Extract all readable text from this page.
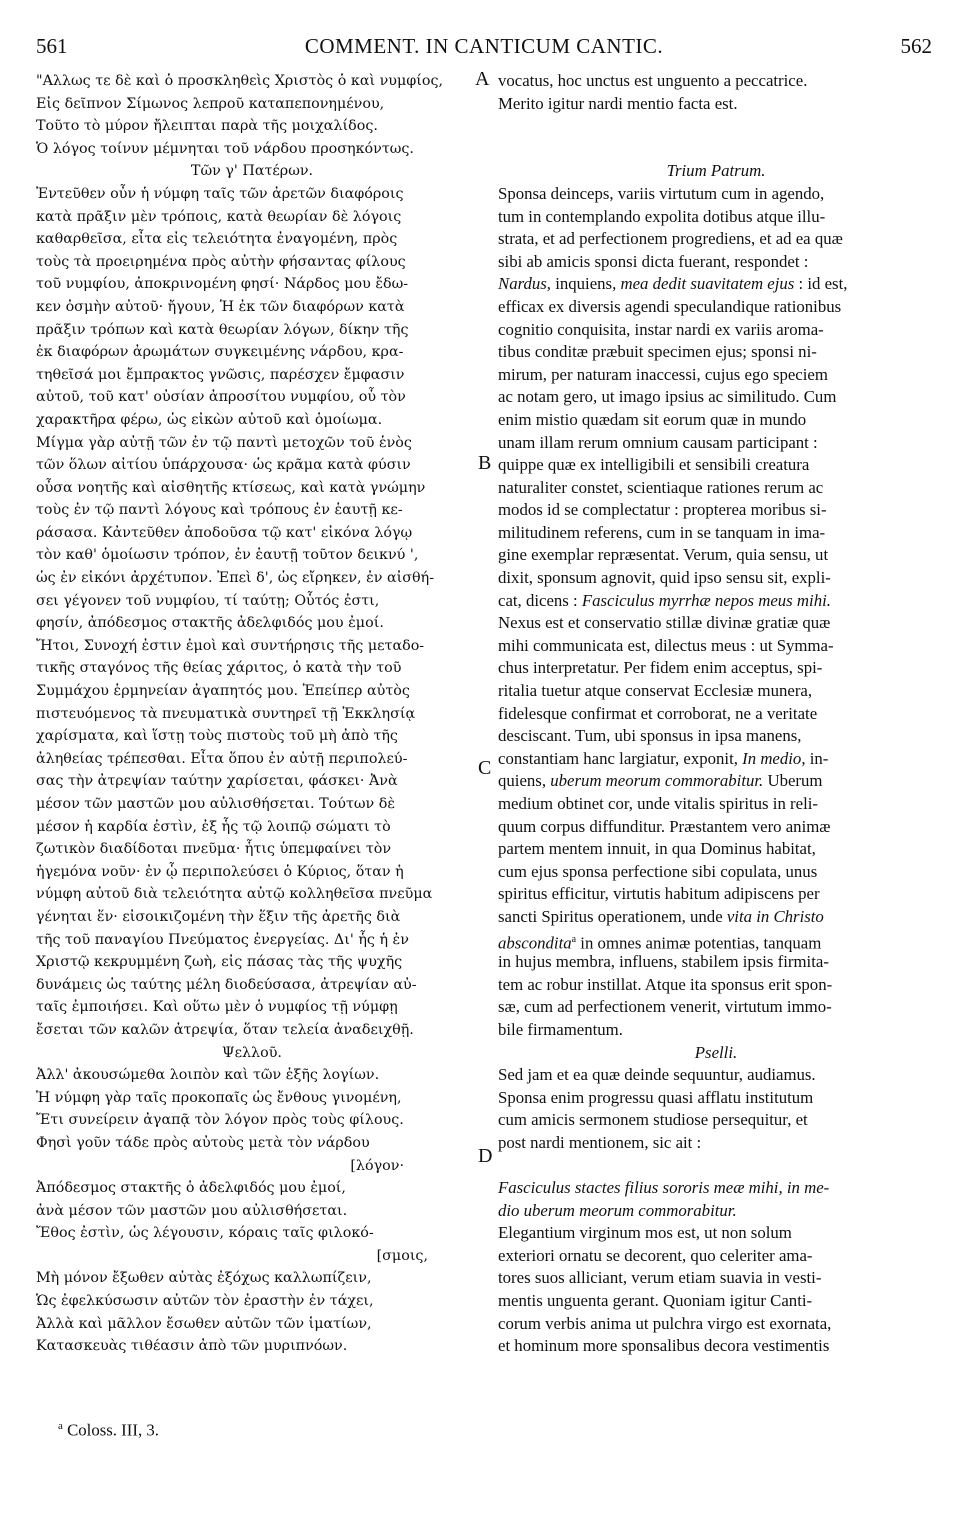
561	COMMENT. IN CANTICUM CANTIC.	562
A
B
C
D
"Αλλως τε δὲ καὶ ὁ προσκληθεὶς Χριστὸς ὁ καὶ νυμφίος,
Εἰς δεῖπνον Σίμωνος λεπροῦ καταπεπονημένου,
Τοῦτο τὸ μύρον ἤλειπται παρὰ τῆς μοιχαλίδος.
Ὁ λόγος τοίνυν μέμνηται τοῦ νάρδου προσηκόντως.
Τῶν γ' Πατέρων.
Ἐντεῦθεν οὖν ἡ νύμφη ταῖς τῶν ἀρετῶν διαφόροις
κατὰ πρᾶξιν μὲν τρόποις, κατὰ θεωρίαν δὲ λόγοις
καθαρθεῖσα, εἶτα εἰς τελειότητα ἐναγομένη, πρὸς
τοὺς τὰ προειρημένα πρὸς αὐτὴν φήσαντας φίλους
τοῦ νυμφίου, ἀποκρινομένη φησί· Νάρδος μου ἔδω-
κεν ὀσμὴν αὐτοῦ· ἤγουν, Ἡ ἐκ τῶν διαφόρων κατὰ
πρᾶξιν τρόπων καὶ κατὰ θεωρίαν λόγων, δίκην τῆς
ἐκ διαφόρων ἀρωμάτων συγκειμένης νάρδου, κρα-
τηθεῖσά μοι ἔμπρακτος γνῶσις, παρέσχεν ἔμφασιν
αὐτοῦ, τοῦ κατ' οὐσίαν ἀπροσίτου νυμφίου, οὗ τὸν
χαρακτῆρα φέρω, ὡς εἰκὼν αὐτοῦ καὶ ὁμοίωμα.
Μίγμα γὰρ αὐτῇ τῶν ἐν τῷ παντὶ μετοχῶν τοῦ ἑνὸς
τῶν ὅλων αἰτίου ὑπάρχουσα· ὡς κρᾶμα κατὰ φύσιν
οὖσα νοητῆς καὶ αἰσθητῆς κτίσεως, καὶ κατὰ γνώμην
τοὺς ἐν τῷ παντὶ λόγους καὶ τρόπους ἐν ἑαυτῇ κε-
ράσασα. Κἀντεῦθεν ἀποδοῦσα τῷ κατ' εἰκόνα λόγῳ
τὸν καθ' ὁμοίωσιν τρόπον, ἐν ἑαυτῇ τοῦτον δεικνύ ',
ὡς ἐν εἰκόνι ἀρχέτυπον. Ἐπεὶ δ', ὡς εἴρηκεν, ἐν αἰσθή-
σει γέγονεν τοῦ νυμφίου, τί ταύτῃ; Οὗτός ἐστι,
φησίν, ἀπόδεσμος στακτῆς ἀδελφιδός μου ἐμοί.
Ἤτοι, Συνοχή ἐστιν ἐμοὶ καὶ συντήρησις τῆς μεταδο-
τικῆς σταγόνος τῆς θείας χάριτος, ὁ κατὰ τὴν τοῦ
Συμμάχου ἑρμηνείαν ἀγαπητός μου. Ἐπείπερ αὐτὸς
πιστευόμενος τὰ πνευματικὰ συντηρεῖ τῇ Ἐκκλησίᾳ
χαρίσματα, καὶ ἵστῃ τοὺς πιστοὺς τοῦ μὴ ἀπὸ τῆς
ἀληθείας τρέπεσθαι. Εἶτα ὅπου ἐν αὐτῇ περιπολεύ-
σας τὴν ἀτρεψίαν ταύτην χαρίσεται, φάσκει· Ἀνὰ
μέσον τῶν μαστῶν μου αὐλισθήσεται. Τούτων δὲ
μέσον ἡ καρδία ἐστὶν, ἐξ ἧς τῷ λοιπῷ σώματι τὸ
ζωτικὸν διαδίδοται πνεῦμα· ἧτις ὑπεμφαίνει τὸν
ἡγεμόνα νοῦν· ἐν ᾧ περιπολεύσει ὁ Κύριος, ὅταν ἡ
νύμφη αὐτοῦ διὰ τελειότητα αὐτῷ κολληθεῖσα πνεῦμα
γένηται ἕν· εἰσοικιζομένη τὴν ἕξιν τῆς ἀρετῆς διὰ
τῆς τοῦ παναγίου Πνεύματος ἐνεργείας. Δι' ἧς ἡ ἐν
Χριστῷ κεκρυμμένη ζωὴ, εἰς πάσας τὰς τῆς ψυχῆς
δυνάμεις ὡς ταύτης μέλη διοδεύσασα, ἀτρεψίαν αὐ-
ταῖς ἐμποιήσει. Καὶ οὕτω μὲν ὁ νυμφίος τῇ νύμφῃ
ἔσεται τῶν καλῶν ἀτρεψία, ὅταν τελεία ἀναδειχθῇ.
Ψελλοῦ.
Ἀλλ' ἀκουσώμεθα λοιπὸν καὶ τῶν ἑξῆς λογίων.
Ἡ νύμφη γὰρ ταῖς προκοπαῖς ὡς ἔνθους γινομένη,
Ἔτι συνείρειν ἀγαπᾷ τὸν λόγον πρὸς τοὺς φίλους.
Φησὶ γοῦν τάδε πρὸς αὐτοὺς μετὰ τὸν νάρδου
[λόγον·
Ἀπόδεσμος στακτῆς ὁ ἀδελφιδός μου ἐμοί,
ἀνὰ μέσον τῶν μαστῶν μου αὐλισθήσεται.
Ἔθος ἐστὶν, ὡς λέγουσιν, κόραις ταῖς φιλοκό-
[σμοις,
Μὴ μόνον ἔξωθεν αὐτὰς ἐξόχως καλλωπίζειν,
Ὡς ἐφελκύσωσιν αὐτῶν τὸν ἐραστὴν ἐν τάχει,
Ἀλλὰ καὶ μᾶλλον ἔσωθεν αὐτῶν τῶν ἱματίων,
Κατασκευὰς τιθέασιν ἀπὸ τῶν μυριπνόων.
vocatus, hoc unctus est unguento a peccatrice.
Merito igitur nardi mentio facta est.
Trium Patrum.
Sponsa deinceps, variis virtutum cum in agendo,
tum in contemplando expolita dotibus atque illu-
strata, et ad perfectionem progrediens, et ad ea quæ
sibi ab amicis sponsi dicta fuerant, respondet :
Nardus, inquiens, mea dedit suavitatem ejus : id est,
efficax ex diversis agendi speculandique rationibus
cognitio conquisita, instar nardi ex variis aroma-
tibus conditæ præbuit specimen ejus; sponsi ni-
mirum, per naturam inaccessi, cujus ego speciem
ac notam gero, ut imago ipsius ac similitudo. Cum
enim mistio quædam sit eorum quæ in mundo
unam illam rerum omnium causam participant :
quippe quæ ex intelligibili et sensibili creatura
naturaliter constet, scientiaque rationes rerum ac
modos id se complectatur : propterea moribus si-
militudinem referens, cum in se tanquam in ima-
gine exemplar repræsentat. Verum, quia sensu, ut
dixit, sponsum agnovit, quid ipso sensu sit, expli-
cat, dicens : Fasciculus myrrhæ nepos meus mihi.
Nexus est et conservatio stillæ divinæ gratiæ quæ
mihi communicata est, dilectus meus : ut Symma-
chus interpretatur. Per fidem enim acceptus, spi-
ritalia tuetur atque conservat Ecclesiæ munera,
fidelesque confirmat et corroborat, ne a veritate
desciscant. Tum, ubi sponsus in ipsa manens,
constantiam hanc largiatur, exponit, In medio, in-
quiens, uberum meorum commorabitur. Uberum
medium obtinet cor, unde vitalis spiritus in reli-
quum corpus diffunditur. Præstantem vero animæ
partem mentem innuit, in qua Dominus habitat,
cum ejus sponsa perfectione sibi copulata, unus
spiritus efficitur, virtutis habitum adipiscens per
sancti Spiritus operationem, unde vita in Christo
abscondita$^a$ in omnes animæ potentias, tanquam
in hujus membra, influens, stabilem ipsis firmita-
tem ac robur instillat. Atque ita sponsus erit spon-
sæ, cum ad perfectionem venerit, virtutum immo-
bile firmamentum.
Pselli.
Sed jam et ea quæ deinde sequuntur, audiamus.
Sponsa enim progressu quasi afflatu institutum
cum amicis sermonem studiose persequitur, et
post nardi mentionem, sic ait :
Fasciculus stactes filius sororis meæ mihi, in me-
dio uberum meorum commorabitur.
Elegantium virginum mos est, ut non solum
exteriori ornatu se decorent, quo celeriter ama-
tores suos alliciant, verum etiam suavia in vesti-
mentis unguenta gerant. Quoniam igitur Canti-
corum verbis anima ut pulchra virgo est exornata,
et hominum more sponsalibus decora vestimentis
$^a$ Coloss. III, 3.
